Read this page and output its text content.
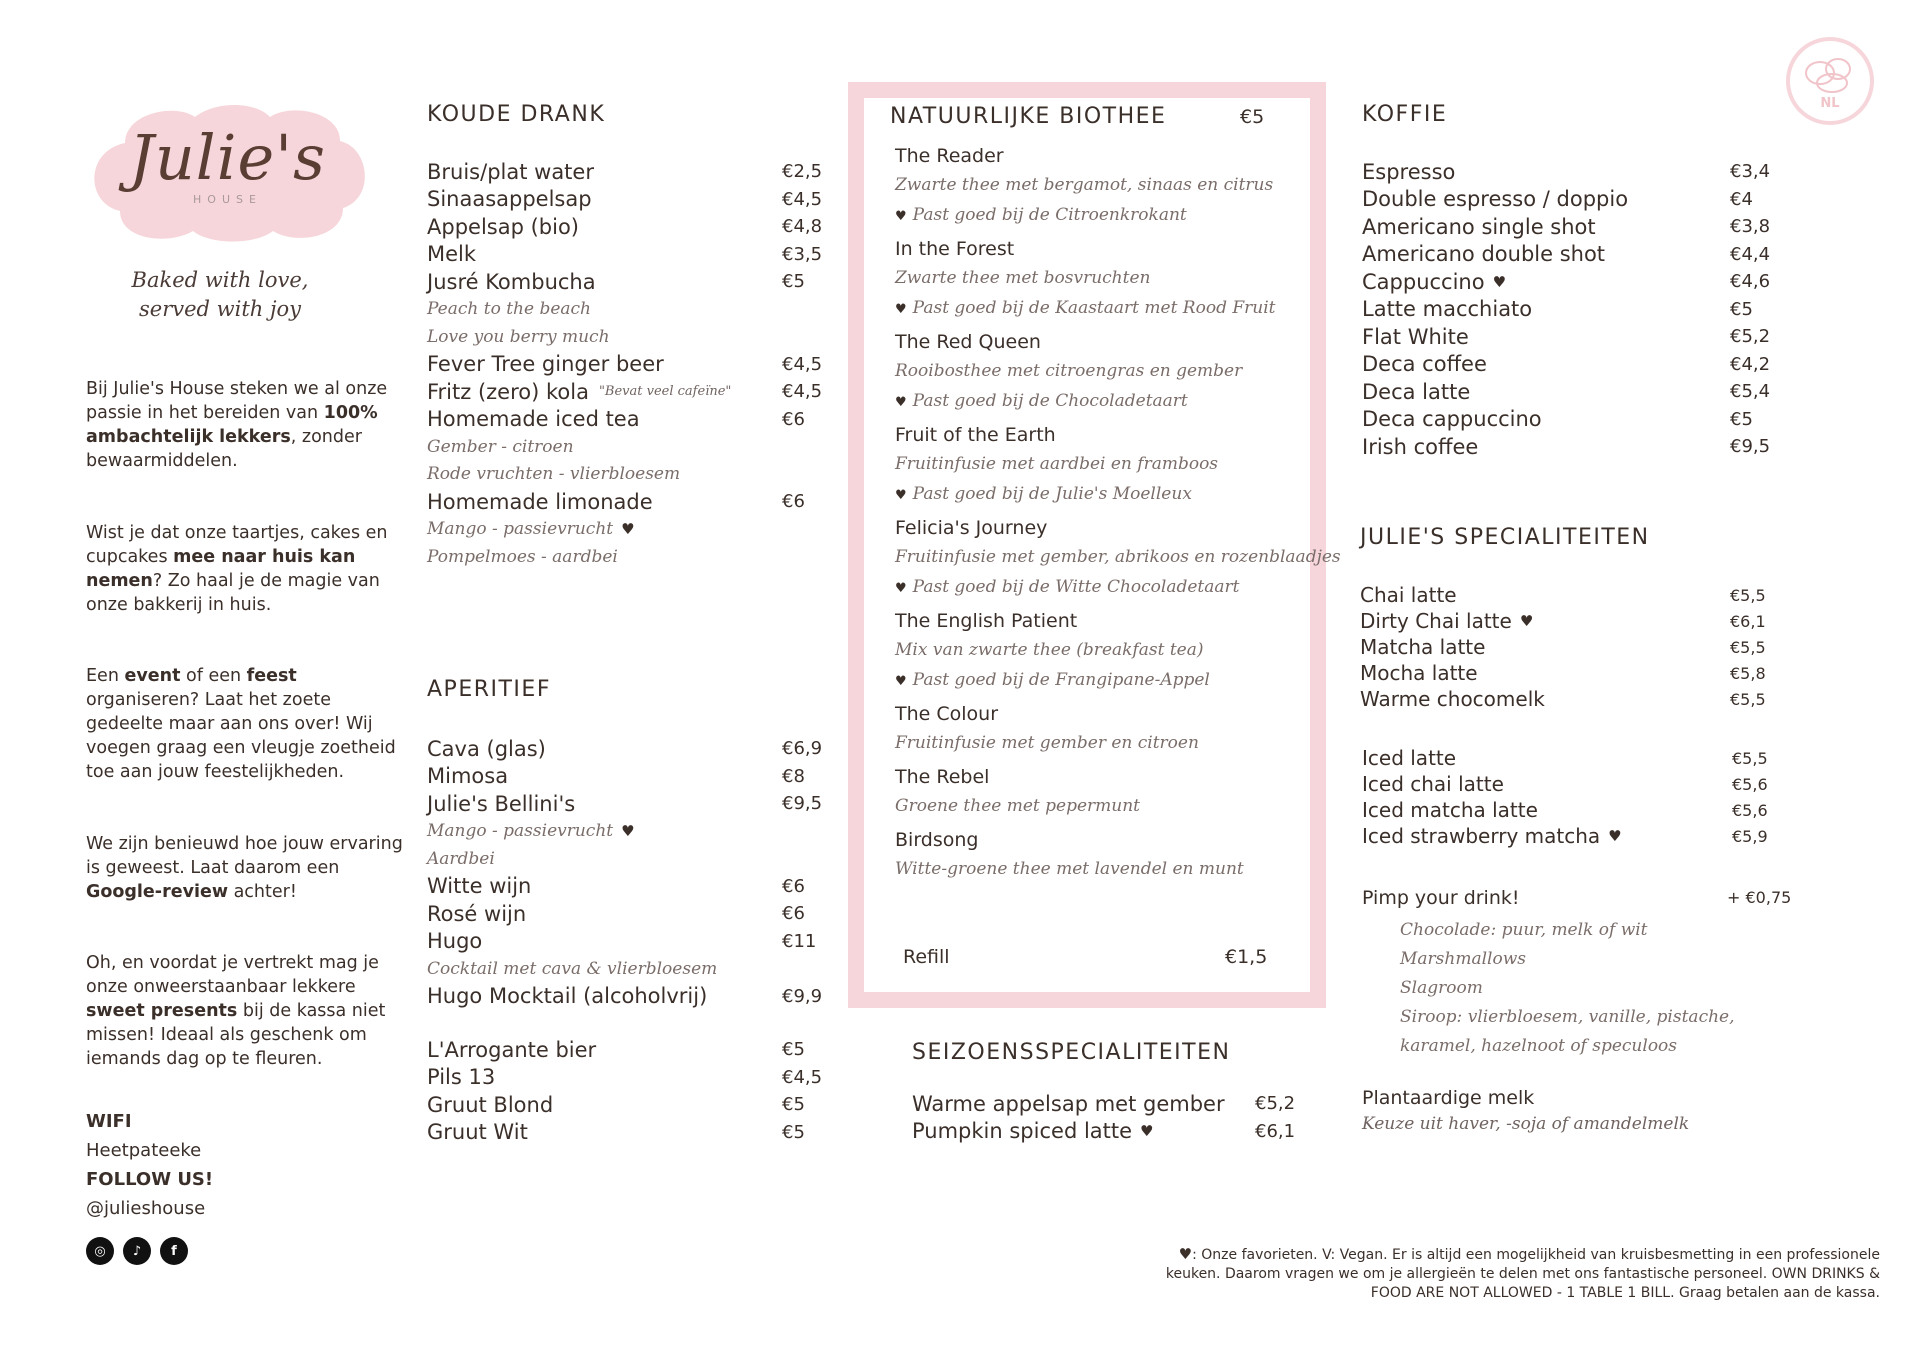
NL
Julie's
HOUSE
Baked with love,
served with joy
Bij Julie's House steken we al onze passie in het bereiden van 100% ambachtelijk lekkers, zonder bewaarmiddelen.
Wist je dat onze taartjes, cakes en cupcakes mee naar huis kan nemen? Zo haal je de magie van onze bakkerij in huis.
Een event of een feest organiseren? Laat het zoete gedeelte maar aan ons over! Wij voegen graag een vleugje zoetheid toe aan jouw feestelijkheden.
We zijn benieuwd hoe jouw ervaring is geweest. Laat daarom een Google-review achter!
Oh, en voordat je vertrekt mag je onze onweerstaanbaar lekkere sweet presents bij de kassa niet missen! Ideaal als geschenk om iemands dag op te fleuren.
WIFI
Heetpateeke
FOLLOW US!
@julieshouse
◎	♪	f
KOUDE DRANK
Bruis/plat water	€2,5
Sinaasappelsap	€4,5
Appelsap (bio)	€4,8
Melk	€3,5
Jusré Kombucha	€5
Peach to the beach
Love you berry much
Fever Tree ginger beer	€4,5
Fritz (zero) kola "Bevat veel cafeïne"	€4,5
Homemade iced tea	€6
Gember - citroen
Rode vruchten - vlierbloesem
Homemade limonade	€6
Mango - passievrucht ♥
Pompelmoes - aardbei
APERITIEF
Cava (glas)	€6,9
Mimosa	€8
Julie's Bellini's	€9,5
Mango - passievrucht ♥
Aardbei
Witte wijn	€6
Rosé wijn	€6
Hugo	€11
Cocktail met cava & vlierbloesem
Hugo Mocktail (alcoholvrij)	€9,9
L'Arrogante bier	€5
Pils 13	€4,5
Gruut Blond	€5
Gruut Wit	€5
NATUURLIJKE BIOTHEE	€5
The Reader
Zwarte thee met bergamot, sinaas en citrus
♥ Past goed bij de Citroenkrokant
In the Forest
Zwarte thee met bosvruchten
♥ Past goed bij de Kaastaart met Rood Fruit
The Red Queen
Rooibosthee met citroengras en gember
♥ Past goed bij de Chocoladetaart
Fruit of the Earth
Fruitinfusie met aardbei en framboos
♥ Past goed bij de Julie's Moelleux
Felicia's Journey
Fruitinfusie met gember, abrikoos en rozenblaadjes
♥ Past goed bij de Witte Chocoladetaart
The English Patient
Mix van zwarte thee (breakfast tea)
♥ Past goed bij de Frangipane-Appel
The Colour
Fruitinfusie met gember en citroen
The Rebel
Groene thee met pepermunt
Birdsong
Witte-groene thee met lavendel en munt
Refill	€1,5
SEIZOENSSPECIALITEITEN
Warme appelsap met gember €5,2
Pumpkin spiced latte ♥	€6,1
KOFFIE
Espresso	€3,4
Double espresso / doppio	€4
Americano single shot	€3,8
Americano double shot	€4,4
Cappuccino ♥	€4,6
Latte macchiato	€5
Flat White	€5,2
Deca coffee	€4,2
Deca latte	€5,4
Deca cappuccino	€5
Irish coffee	€9,5
JULIE'S SPECIALITEITEN
Chai latte	€5,5
Dirty Chai latte ♥	€6,1
Matcha latte	€5,5
Mocha latte	€5,8
Warme chocomelk	€5,5
Iced latte	€5,5
Iced chai latte	€5,6
Iced matcha latte	€5,6
Iced strawberry matcha ♥	€5,9
Pimp your drink!	+ €0,75
Chocolade: puur, melk of wit
Marshmallows
Slagroom
Siroop: vlierbloesem, vanille, pistache,
karamel, hazelnoot of speculoos
Plantaardige melk
Keuze uit haver, -soja of amandelmelk
♥: Onze favorieten. V: Vegan. Er is altijd een mogelijkheid van kruisbesmetting in een professionele
keuken. Daarom vragen we om je allergieën te delen met ons fantastische personeel. OWN DRINKS &
FOOD ARE NOT ALLOWED - 1 TABLE 1 BILL. Graag betalen aan de kassa.
